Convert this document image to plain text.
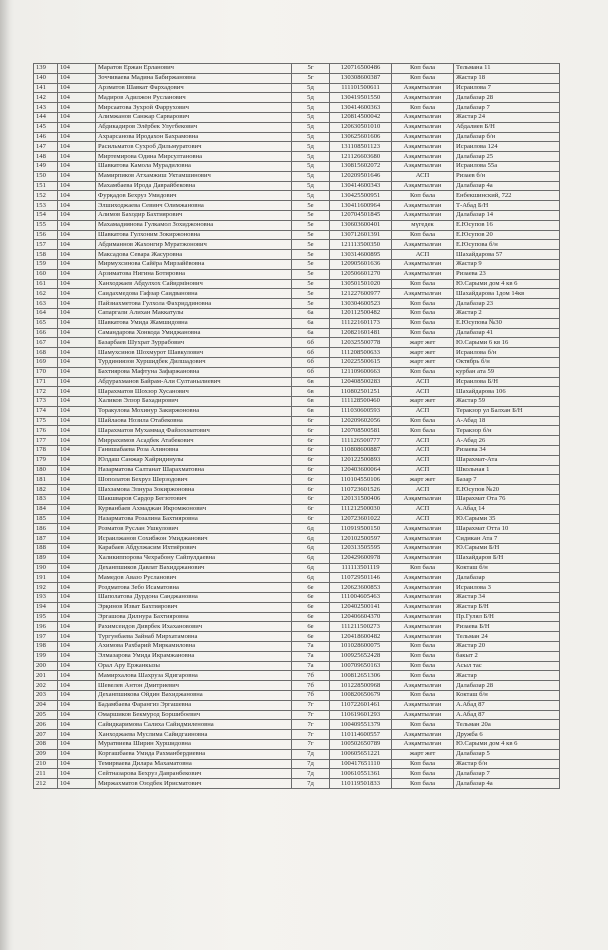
139	104	Маратов Ержан Ерланович	5г	120716500486	Коп бала	Тельмана 11
140	104	Зоччиваева Мадина Бабиржановна	5г	130308600387	Коп бала	Жастар 18
141	104	Арзматов Шавкат Фархадович	5д	111101500611	Аэқамтылған	Исраилова 7
142	104	Мадиров Адилжон Русланович	5д	130419501550	Аэқамтылған	Далабазар 28
143	104	Мирсаатова Зухрой Фаррухович	5д	130414600363	Коп бала	Далабазар 7
144	104	Алимжанов Санжар Сарварович	5д	120814500042	Аэқамтылған	Жастар 24
145	104	Абдикадиров Элёрбек Улугбекович	5д	120630501010	Аэқамтылған	Абдалиев Б/Н
146	104	Ахрарсанова Иродахон Бахрамовна	5д	130625601606	Аэқамтылған	Далабазар б/н
147	104	Расильматов Сухроб Дильмуратович	5д	131108501123	Аэқамтылған	Исраилова 124
148	104	Миртемирова Одина Мирсултановна	5д	121126603680	Аэқамтылған	Далабазар 25
149	104	Шавкатова Камола Мурадиловна	5д	130815602072	Аэқамтылған	Исраилова 55а
150	104	Мамирпиков Атхамжиш Уктамшинович	5д	120209501646	АСП	Ризаев б/н
151	104	Махамбаева Ирода Даврайбековна	5д	130414600343	Аэқамтылған	Далабазар 4а
152	104	Фурқадов Бехруз Умидович	5д	130425500951	Коп бала	Енбекшинский, 722
153	104	Элшиходжаева Севинч Олимжановна	5е	130411600964	Аэқамтылған	Т-Абад Б/Н
154	104	Алимов Баходир Бахтиярович	5е	120704501845	Аэқамтылған	Далабазар 14
155	104	Махамадиянова Гулкамол Зохиджоновна	5е	130603600401	мүгедек	Е.Юсупов 16
156	104	Шавкатова Гулхоним Зокиржоновна	5е	130712601391	Коп бала	Е.Юсупов 20
157	104	Абдиманнов Жахонгир Муратжонович	5е	121113500350	Аэқамтылған	Е.Юсупова б/н
158	104	Максадова Севара Жасуровна	5е	130314600895	АСП	Шахайдарова 57
159	104	Мирмухсинова Сайёра Мирзайёвовна	5е	120905601636	Аэқамтылған	Жастар 9
160	104	Арзиматова Нигина Ботировна	5е	120506601270	Аэқамтылған	Ризаева 23
161	104	Ханходжаев Абдулхох Сайидмінович	5е	130501501020	Коп бала	Ю.Сарыми дом 4 кв 6
162	104	Саидахмедова Гафзар Саидвановна	5е	121227600977	Аэқамтылған	Шахайдарова 1дом 14кв
163	104	Пайзиахметова Гулхола Фахриддиновна	5е	130304600523	Коп бала	Далабазар 23
164	104	Сапаргали Алихан Маккатулы	6а	120112500482	Коп бала	Жастар 2
165	104	Шавкатова Умида Жамшидовна	6а	111221601173	Коп бала	Е.Юсупова №30
166	104	Самандарова Хонкода Умиджановна	6а	120821601481	Коп бала	Далабазар 41
167	104	Базарбаев Шухрат Зуррабович	6б	120325500778	жарт жет	Ю.Сарыми 6 кв 16
168	104	Шамухсинов Шохмурот Шавкулович	6б	111208500633	жарт жет	Исраилова б/н
169	104	Турдиниязов Хуршидбек Дилшадович	6б	120225500615	жарт жет	Октябрь б/н
170	104	Бахтиярова Мафтуна Зафаржановна	6б	121109600663	Коп бала	курбан ата 59
171	104	Абдурахманов Байрам-Али Султанылиевич	6в	120408500283	АСП	Исраилова Б/Н
172	104	Шарахматов Шохзор Хусанович	6в	110802501251	АСП	Шахайдарова 106
173	104	Халиков Элзор Бахадирович	6в	111128500460	жарт жет	Жастар 59
174	104	Торакулова Мохинур Закиржоновна	6в	111030600593	АСП	Теракзор ул Балхан Б/Н
175	104	Шайлаова Нозила Отабековна	6г	120209602056	Коп бала	А-Абад 18
176	104	Шарахматов Мухаммад Файзохматович	6г	120708500581	Коп бала	Теракзор б/н
177	104	Миррахимов Асадбек Атабекович	6г	111126500777	АСП	А-Абад 26
178	104	Ганишабаева Роза Алиновна	6г	110808600887	АСП	Ризаева 34
179	104	Юлдаш Санжар Хайридинулы	6г	120122500893	АСП	Шарахмат-Ата
180	104	Назарматова Салтанат Шарахматовна	6г	120403600064	АСП	Школьная 1
181	104	Шополатов Бехруз Шерзодович	6г	110104550106	жарт жет	Базар 7
182	104	Шахзамова Элнура Зокиржоновна	6г	110723601526	АСП	Е.Юсупов №20
183	104	Шакшваров Сардор Бегзотович	6г	120131500406	Аэқамтылған	Шарахмат Ота 76
184	104	Курванбаев Ахмаджан Икромжонович	6г	111212500030	АСП	А.Абад 14
185	104	Назарматова Розалина Бахтияровна	6г	120723601022	АСП	Ю.Сарыми 35
186	104	Розматов Руслан Ушкулович	6д	110919500150	Аэқамтылған	Шарахмат Отта 10
187	104	Исраилжанов Сохибжон Умиджанович	6д	120102500597	Аэқамтылған	Сидикан Ата 7
188	104	Карабаев Абдулжасим Ихтиёрович	6д	120313505595	Аэқамтылған	Ю.Сарыми Б/Н
189	104	Халикиппорова Чехрабону Сайпулдаевна	6д	120429600978	Аэқамтылған	Шахайдаров Б/Н
190	104	Деханпшиков Давлат Вахидджанович	6д	111113501119	Коп бала	Кокташ б/н
191	104	Мамедов Авазо Русланович	6д	110729501146	Аэқамтылған	Далабазар
192	104	Роздматова Зебо Исаматовна	6е	120623600853	Аэқамтылған	Исраилова 3
193	104	Шаполатова Дурдона Санджановна	6е	111004605463	Аэқамтылған	Жастар 34
194	104	Эрқинов Изват Бахтиярович	6е	120402500141	Аэқамтылған	Жастар Б/Н
195	104	Эргашова Дилнура Бахтияровна	6е	120406604370	Аэқамтылған	Пр.Гулял Б/Н
196	104	Рахимсеидов Диврбек Ихахановович	6е	111211500273	Аэқамтылған	Ризаева Б/Н
197	104	Тургунбаева Зайнаб Мирхатамовна	6е	120418600482	Аэқамтылған	Тельман 24
198	104	Ахимова Рахбарий Миркамиловна	7а	101028600075	Коп бала	Жастар 20
199	104	Элмазарова Умида Икрамжановна	7а	100925652428	Коп бала	бакыт 2
200	104	Орал Ару Ержанкызы	7а	100709650163	Коп бала	Асыл тас
201	104	Мамирхалова Шахруза Ядигаровна	7б	100812651306	Коп бала	Жастар
202	104	Шевелев Антон Дмитриевич	7б	101228500968	Аэқамтылған	Далабазар 28
203	104	Деханпшикова Ойдин Вахиджановна	7б	100820650679	Коп бала	Кокташ б/н
204	104	Бадамбаева Фарангиз Эргашевна	7г	110722601461	Аэқамтылған	А.Абад 87
205	104	Омаршиков Бекмурод Боршибоевич	7г	110619601293	Аэқамтылған	А.Абад 87
206	104	Сайидкаримова Салиха Сайидмиленовна	7г	100409551379	Коп бала	Тельман 20а
207	104	Ханходжаева Муслима Сайидгаиновна	7г	110114600557	Аэқамтылған	Дружба 6
208	104	Муратвиева Ширин Хуршидовна	7г	100502650789	Аэқамтылған	Ю.Сарыми дом 4 кв 6
209	104	Коргашбаева Умида Рахманбердиевна	7д	100605651221	жарт жет	Далабазар 5
210	104	Темирваева Дилара Махаматовна	7д	100417651110	Коп бала	Жастар б/н
211	104	Сейтназарова Бехруз Давранбекович	7д	100610551361	Коп бала	Далабазар 7
212	104	Миржахматов Озодбек Ирисматович	7д	110119501833	Коп бала	Далабазар 4а
